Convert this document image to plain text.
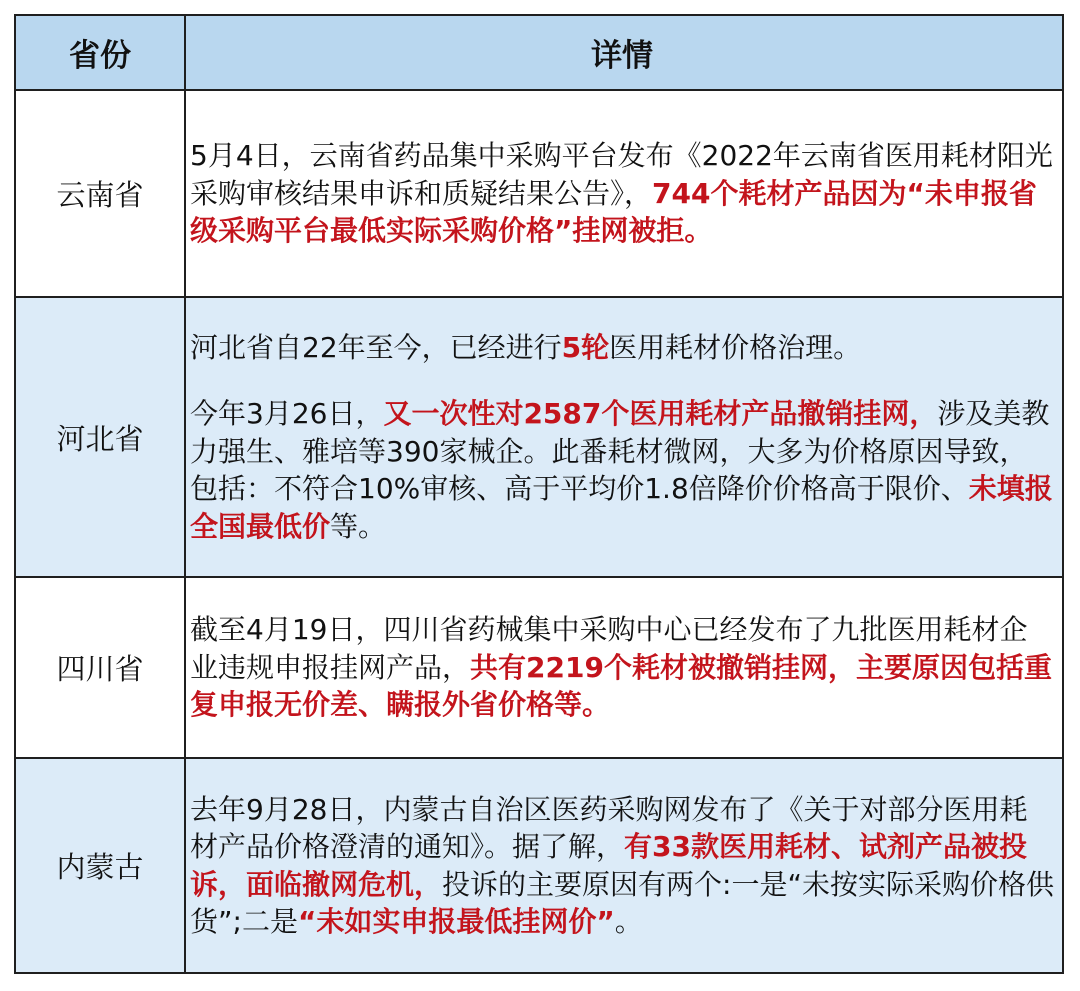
省份	详情
云南省
5月4日，云南省药品集中采购平台发布《2022年云南省医用耗材阳光采购审核结果申诉和质疑结果公告》，744个耗材产品因为“未申报省级采购平台最低实际采购价格”挂网被拒。
河北省
河北省自22年至今，已经进行5轮医用耗材价格治理。
今年3月26日，又一次性对2587个医用耗材产品撤销挂网，涉及美教力强生、雅培等390家械企。此番耗材微网，大多为价格原因导致，包括：不符合10%审核、高于平均价1.8倍降价价格高于限价、未填报全国最低价等。
四川省
截至4月19日，四川省药械集中采购中心已经发布了九批医用耗材企业违规申报挂网产品，共有2219个耗材被撤销挂网，主要原因包括重复申报无价差、瞒报外省价格等。
内蒙古
去年9月28日，内蒙古自治区医药采购网发布了《关于对部分医用耗材产品价格澄清的通知》。据了解，有33款医用耗材、试剂产品被投诉，面临撤网危机，投诉的主要原因有两个:一是“未按实际采购价格供货”;二是“未如实申报最低挂网价”。
